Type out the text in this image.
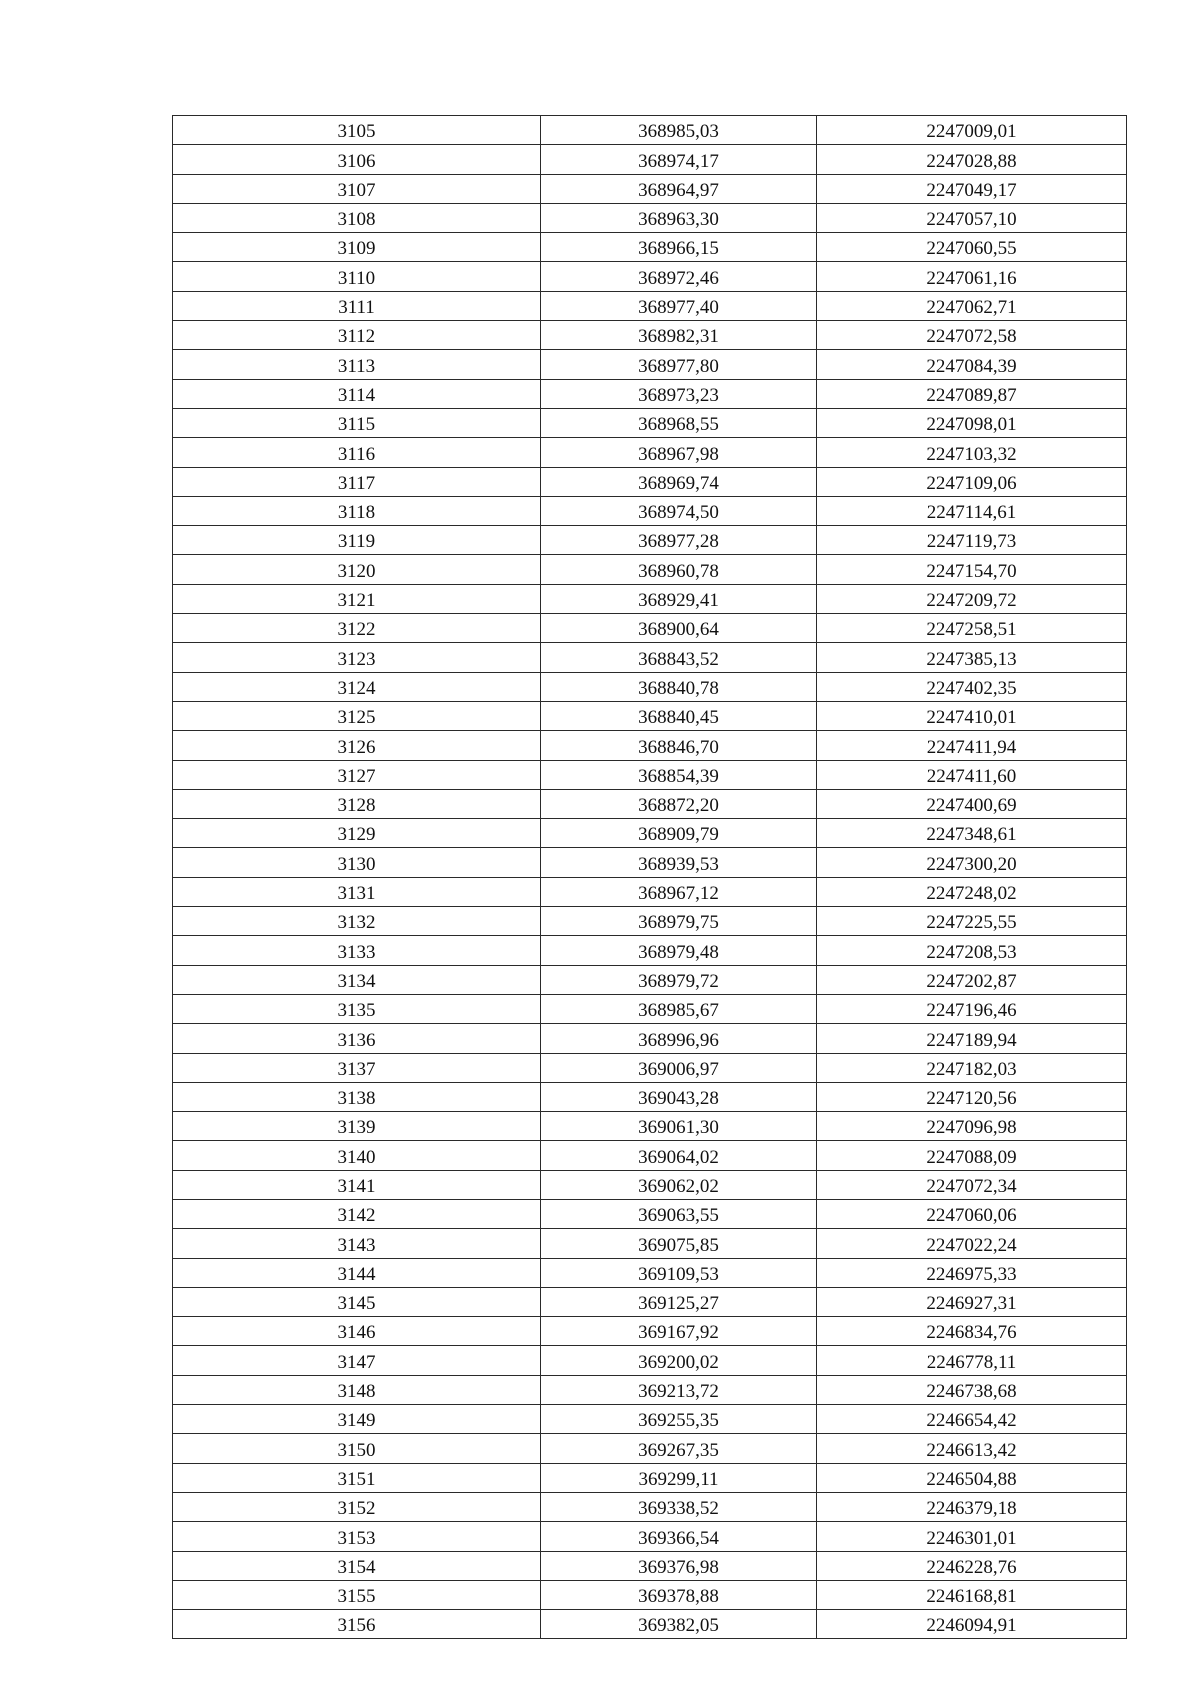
3105	368985,03	2247009,01
3106	368974,17	2247028,88
3107	368964,97	2247049,17
3108	368963,30	2247057,10
3109	368966,15	2247060,55
3110	368972,46	2247061,16
3111	368977,40	2247062,71
3112	368982,31	2247072,58
3113	368977,80	2247084,39
3114	368973,23	2247089,87
3115	368968,55	2247098,01
3116	368967,98	2247103,32
3117	368969,74	2247109,06
3118	368974,50	2247114,61
3119	368977,28	2247119,73
3120	368960,78	2247154,70
3121	368929,41	2247209,72
3122	368900,64	2247258,51
3123	368843,52	2247385,13
3124	368840,78	2247402,35
3125	368840,45	2247410,01
3126	368846,70	2247411,94
3127	368854,39	2247411,60
3128	368872,20	2247400,69
3129	368909,79	2247348,61
3130	368939,53	2247300,20
3131	368967,12	2247248,02
3132	368979,75	2247225,55
3133	368979,48	2247208,53
3134	368979,72	2247202,87
3135	368985,67	2247196,46
3136	368996,96	2247189,94
3137	369006,97	2247182,03
3138	369043,28	2247120,56
3139	369061,30	2247096,98
3140	369064,02	2247088,09
3141	369062,02	2247072,34
3142	369063,55	2247060,06
3143	369075,85	2247022,24
3144	369109,53	2246975,33
3145	369125,27	2246927,31
3146	369167,92	2246834,76
3147	369200,02	2246778,11
3148	369213,72	2246738,68
3149	369255,35	2246654,42
3150	369267,35	2246613,42
3151	369299,11	2246504,88
3152	369338,52	2246379,18
3153	369366,54	2246301,01
3154	369376,98	2246228,76
3155	369378,88	2246168,81
3156	369382,05	2246094,91
